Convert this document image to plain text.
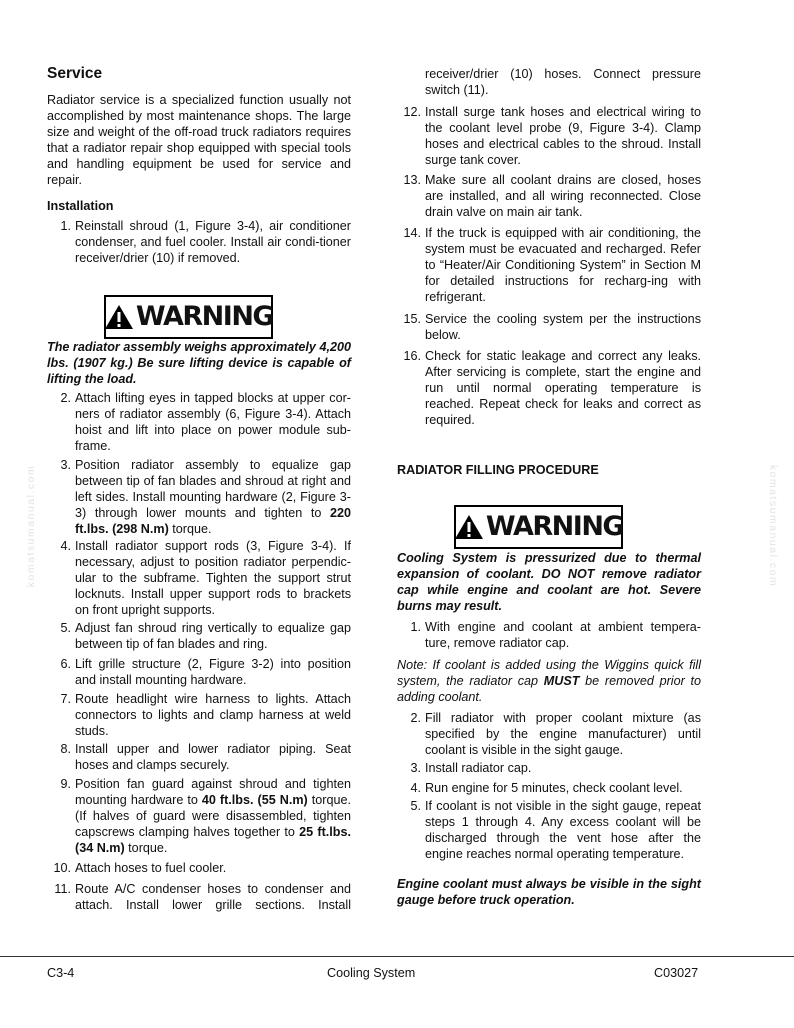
komatsumanual.com	komatsumanual.com
Service
Radiator service is a specialized function usually not accomplished by most maintenance shops. The large size and weight of the off-road truck radiators requires that a radiator repair shop equipped with special tools and handling equipment be used for service and repair.
Installation
1. Reinstall shroud (1, Figure 3-4), air conditioner condenser, and fuel cooler. Install air condi-tioner receiver/drier (10) if removed.
WARNING
The radiator assembly weighs approximately 4,200 lbs. (1907 kg.) Be sure lifting device is capable of lifting the load.
2. Attach lifting eyes in tapped blocks at upper cor-ners of radiator assembly (6, Figure 3-4). Attach hoist and lift into place on power module sub-frame.
3. Position radiator assembly to equalize gap between tip of fan blades and shroud at right and left sides. Install mounting hardware (2, Figure 3-3) through lower mounts and tighten to 220 ft.lbs. (298 N.m) torque.
4. Install radiator support rods (3, Figure 3-4). If necessary, adjust to position radiator perpendic-ular to the subframe. Tighten the support strut locknuts. Install upper support rods to brackets on front upright supports.
5. Adjust fan shroud ring vertically to equalize gap between tip of fan blades and ring.
6. Lift grille structure (2, Figure 3-2) into position and install mounting hardware.
7. Route headlight wire harness to lights. Attach connectors to lights and clamp harness at weld studs.
8. Install upper and lower radiator piping. Seat hoses and clamps securely.
9. Position fan guard against shroud and tighten mounting hardware to 40 ft.lbs. (55 N.m) torque. (If halves of guard were disassembled, tighten capscrews clamping halves together to 25 ft.lbs. (34 N.m) torque.
10. Attach hoses to fuel cooler.
11. Route A/C condenser hoses to condenser and attach. Install lower grille sections. Install
receiver/drier (10) hoses. Connect pressure switch (11).
12. Install surge tank hoses and electrical wiring to the coolant level probe (9, Figure 3-4). Clamp hoses and electrical cables to the shroud. Install surge tank cover.
13. Make sure all coolant drains are closed, hoses are installed, and all wiring reconnected. Close drain valve on main air tank.
14. If the truck is equipped with air conditioning, the system must be evacuated and recharged. Refer to “Heater/Air Conditioning System” in Section M for detailed instructions for recharg-ing with refrigerant.
15. Service the cooling system per the instructions below.
16. Check for static leakage and correct any leaks. After servicing is complete, start the engine and run until normal operating temperature is reached. Repeat check for leaks and correct as required.
RADIATOR FILLING PROCEDURE
WARNING
Cooling System is pressurized due to thermal expansion of coolant. DO NOT remove radiator cap while engine and coolant are hot. Severe burns may result.
1. With engine and coolant at ambient tempera-ture, remove radiator cap.
Note: If coolant is added using the Wiggins quick fill system, the radiator cap MUST be removed prior to adding coolant.
2. Fill radiator with proper coolant mixture (as specified by the engine manufacturer) until coolant is visible in the sight gauge.
3. Install radiator cap.
4. Run engine for 5 minutes, check coolant level.
5. If coolant is not visible in the sight gauge, repeat steps 1 through 4. Any excess coolant will be discharged through the vent hose after the engine reaches normal operating temperature.
Engine coolant must always be visible in the sight gauge before truck operation.
C3-4	Cooling System	C03027
